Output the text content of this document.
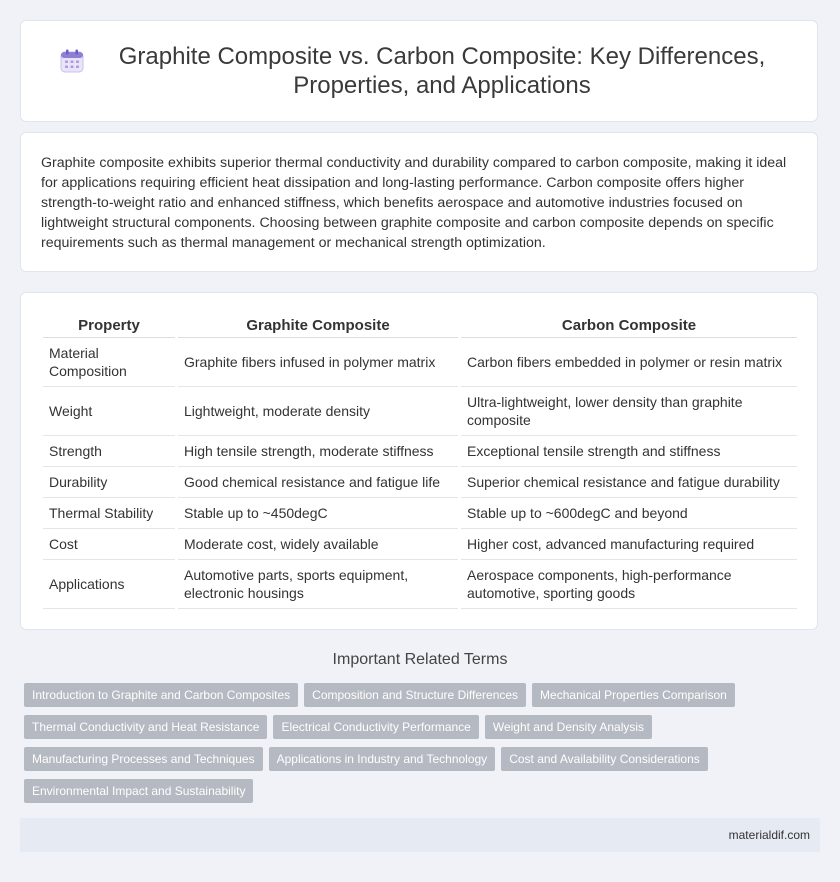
Graphite Composite vs. Carbon Composite: Key Differences, Properties, and Applications

Graphite composite exhibits superior thermal conductivity and durability compared to carbon composite, making it ideal for applications requiring efficient heat dissipation and long-lasting performance. Carbon composite offers higher strength-to-weight ratio and enhanced stiffness, which benefits aerospace and automotive industries focused on lightweight structural components. Choosing between graphite composite and carbon composite depends on specific requirements such as thermal management or mechanical strength optimization.

Property	Graphite Composite	Carbon Composite
Material Composition	Graphite fibers infused in polymer matrix	Carbon fibers embedded in polymer or resin matrix
Weight	Lightweight, moderate density	Ultra-lightweight, lower density than graphite composite
Strength	High tensile strength, moderate stiffness	Exceptional tensile strength and stiffness
Durability	Good chemical resistance and fatigue life	Superior chemical resistance and fatigue durability
Thermal Stability	Stable up to ~450degC	Stable up to ~600degC and beyond
Cost	Moderate cost, widely available	Higher cost, advanced manufacturing required
Applications	Automotive parts, sports equipment, electronic housings	Aerospace components, high-performance automotive, sporting goods
Important Related Terms
Introduction to Graphite and Carbon Composites Composition and Structure Differences Mechanical Properties Comparison
Thermal Conductivity and Heat Resistance Electrical Conductivity Performance Weight and Density Analysis
Manufacturing Processes and Techniques Applications in Industry and Technology Cost and Availability Considerations
Environmental Impact and Sustainability
materialdif.com
